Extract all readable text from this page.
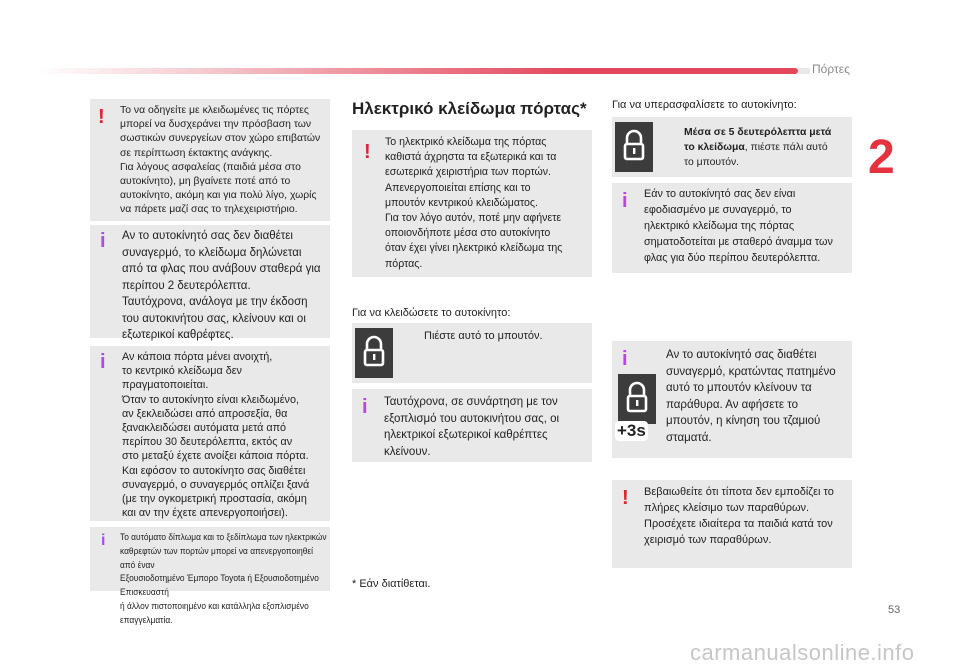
Πόρτες
2
! Το να οδηγείτε με κλειδωμένες τις πόρτες
μπορεί να δυσχεράνει την πρόσβαση των
σωστικών συνεργείων στον χώρο επιβατών
σε περίπτωση έκτακτης ανάγκης.
Για λόγους ασφαλείας (παιδιά μέσα στο
αυτοκίνητο), μη βγαίνετε ποτέ από το
αυτοκίνητο, ακόμη και για πολύ λίγο, χωρίς
να πάρετε μαζί σας το τηλεχειριστήριο.
i Αν το αυτοκίνητό σας δεν διαθέτει
συναγερμό, το κλείδωμα δηλώνεται
από τα φλας που ανάβουν σταθερά για
περίπου 2 δευτερόλεπτα.
Ταυτόχρονα, ανάλογα με την έκδοση
του αυτοκινήτου σας, κλείνουν και οι
εξωτερικοί καθρέφτες.
i Αν κάποια πόρτα μένει ανοιχτή,
το κεντρικό κλείδωμα δεν
πραγματοποιείται.
Όταν το αυτοκίνητο είναι κλειδωμένο,
αν ξεκλειδώσει από απροσεξία, θα
ξανακλειδώσει αυτόματα μετά από
περίπου 30 δευτερόλεπτα, εκτός αν
στο μεταξύ έχετε ανοίξει κάποια πόρτα.
Και εφόσον το αυτοκίνητο σας διαθέτει
συναγερμό, ο συναγερμός οπλίζει ξανά
(με την ογκομετρική προστασία, ακόμη
και αν την έχετε απενεργοποιήσει).
i Το αυτόματο δίπλωμα και το ξεδίπλωμα των ηλεκτρικών
καθρεφτών των πορτών μπορεί να απενεργοποιηθεί από έναν
Εξουσιοδοτημένο Έμπορο Toyota ή Εξουσιοδοτημένο Επισκευαστή
ή άλλον πιστοποιημένο και κατάλληλα εξοπλισμένο επαγγελματία.
Ηλεκτρικό κλείδωμα πόρτας*
! Το ηλεκτρικό κλείδωμα της πόρτας
καθιστά άχρηστα τα εξωτερικά και τα
εσωτερικά χειριστήρια των πορτών.
Απενεργοποιείται επίσης και το
μπουτόν κεντρικού κλειδώματος.
Για τον λόγο αυτόν, ποτέ μην αφήνετε
οποιονδήποτε μέσα στο αυτοκίνητο
όταν έχει γίνει ηλεκτρικό κλείδωμα της
πόρτας.
Για να κλειδώσετε το αυτοκίνητο:
Πιέστε αυτό το μπουτόν.
i Ταυτόχρονα, σε συνάρτηση με τον
εξοπλισμό του αυτοκινήτου σας, οι
ηλεκτρικοί εξωτερικοί καθρέπτες
κλείνουν.
* Εάν διατίθεται.
Για να υπερασφαλίσετε το αυτοκίνητο:
Μέσα σε 5 δευτερόλεπτα μετά
το κλείδωμα, πιέστε πάλι αυτό
το μπουτόν.
i Εάν το αυτοκίνητό σας δεν είναι
εφοδιασμένο με συναγερμό, το
ηλεκτρικό κλείδωμα της πόρτας
σηματοδοτείται με σταθερό άναμμα των
φλας για δύο περίπου δευτερόλεπτα.
i
+3s
Αν το αυτοκίνητό σας διαθέτει
συναγερμό, κρατώντας πατημένο
αυτό το μπουτόν κλείνουν τα
παράθυρα. Αν αφήσετε το
μπουτόν, η κίνηση του τζαμιού
σταματά.
! Βεβαιωθείτε ότι τίποτα δεν εμποδίζει το
πλήρες κλείσιμο των παραθύρων.
Προσέχετε ιδιαίτερα τα παιδιά κατά τον
χειρισμό των παραθύρων.
53
carmanualsonline.info
